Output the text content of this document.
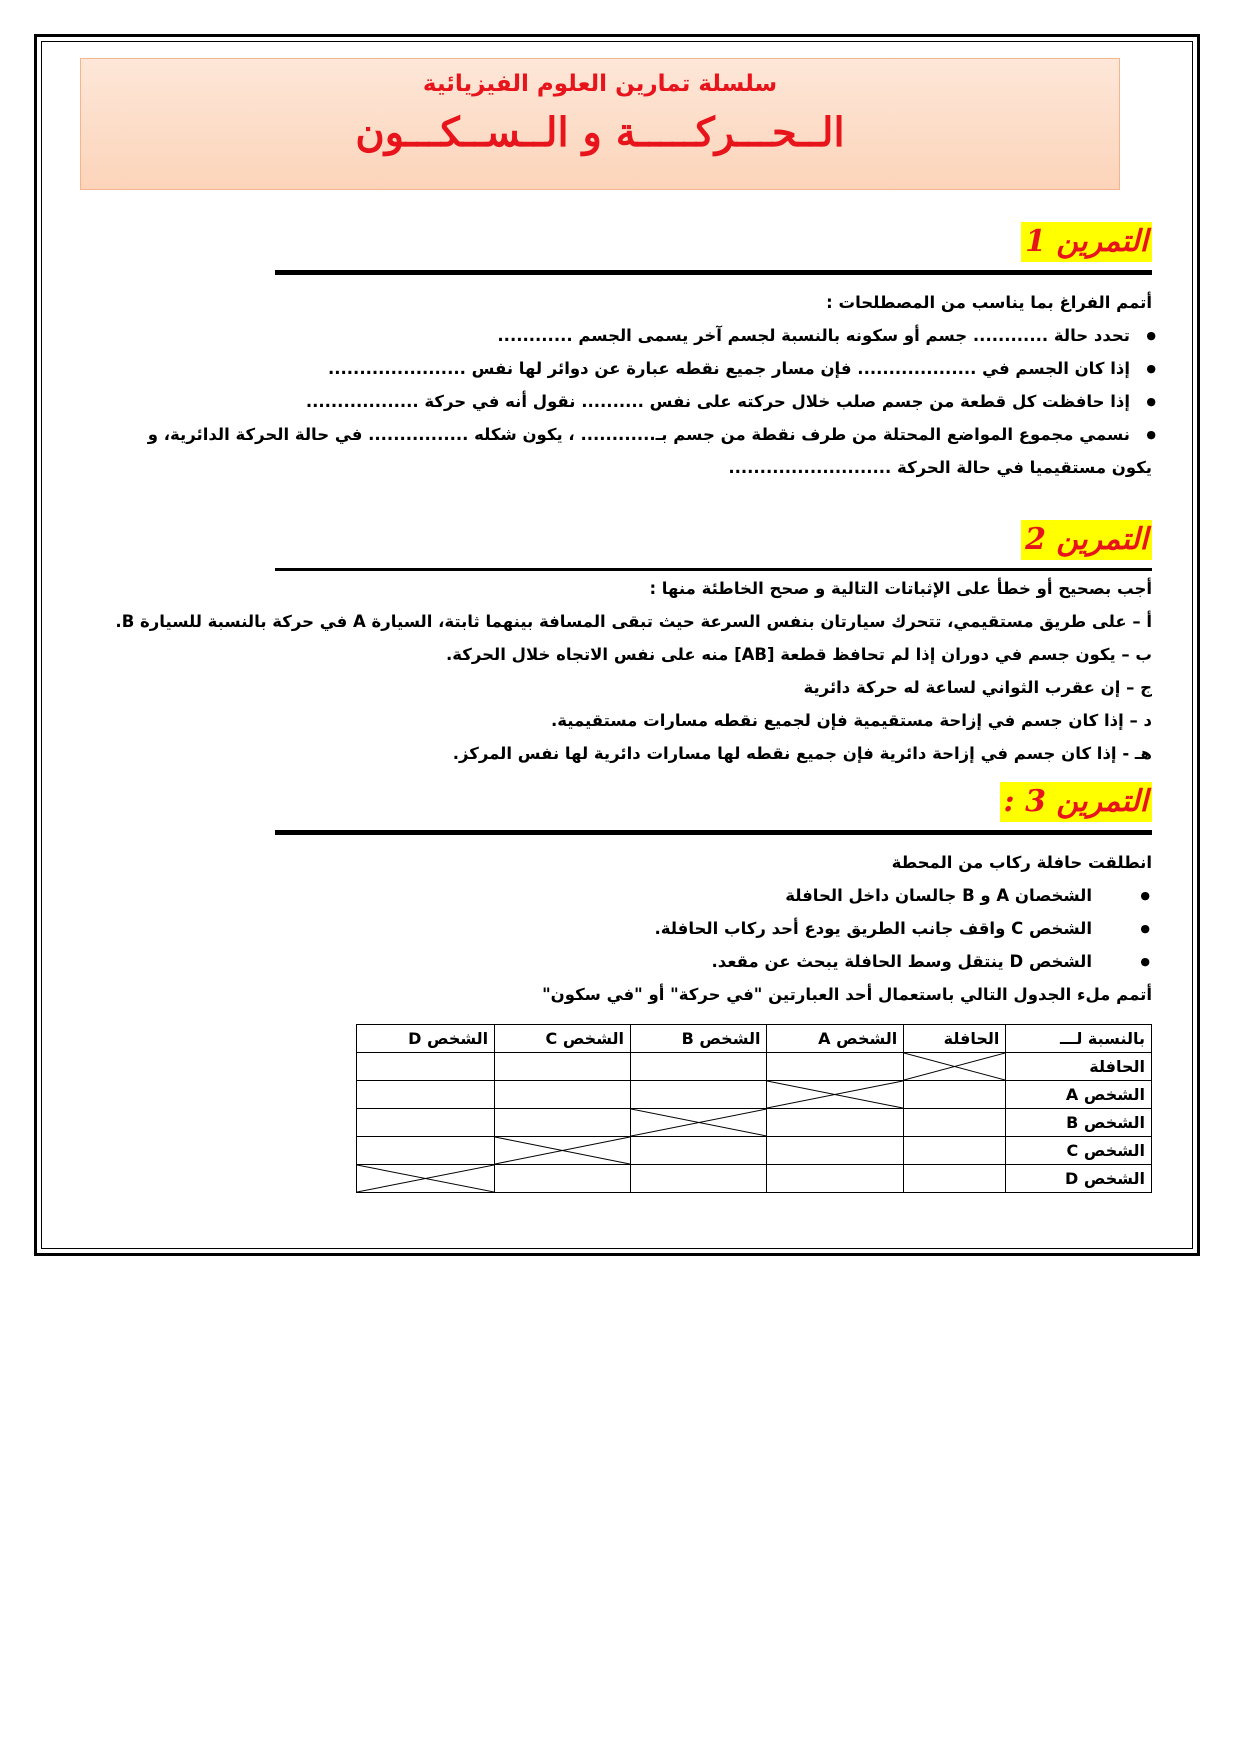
سلسلة تمارين العلوم الفيزيائية
الــحـــركـــــة و الــســكـــون
التمرين 1
أتمم الفراغ بما يناسب من المصطلحات :
● تحدد حالة ............ جسم أو سكونه بالنسبة لجسم آخر يسمى الجسم ............
● إذا كان الجسم في ................... فإن مسار جميع نقطه عبارة عن دوائر لها نفس ......................
● إذا حافظت كل قطعة من جسم صلب خلال حركته على نفس .......... نقول أنه في حركة ..................
● نسمي مجموع المواضع المحتلة من طرف نقطة من جسم بـ............ ، يكون شكله ................ في حالة الحركة الدائرية، و
يكون مستقيميا في حالة الحركة ..........................
التمرين 2
أجب بصحيح أو خطأ على الإثباتات التالية و صحح الخاطئة منها :
أ – على طريق مستقيمي، تتحرك سيارتان بنفس السرعة حيث تبقى المسافة بينهما ثابتة، السيارة A في حركة بالنسبة للسيارة B.
ب – يكون جسم في دوران إذا لم تحافظ قطعة [AB] منه على نفس الاتجاه خلال الحركة.
ج – إن عقرب الثواني لساعة له حركة دائرية
د – إذا كان جسم في إزاحة مستقيمية فإن لجميع نقطه مسارات مستقيمية.
هـ - إذا كان جسم في إزاحة دائرية فإن جميع نقطه لها مسارات دائرية لها نفس المركز.
التمرين 3 :
انطلقت حافلة ركاب من المحطة
● الشخصان A و B جالسان داخل الحافلة
● الشخص C واقف جانب الطريق يودع أحد ركاب الحافلة.
● الشخص D ينتقل وسط الحافلة يبحث عن مقعد.
أتمم ملء الجدول التالي باستعمال أحد العبارتين "في حركة" أو "في سكون"
بالنسبة لـــ	الحافلة	الشخص A	الشخص B	الشخص C	الشخص D
الحافلة	

الشخص A		

الشخص B			

الشخص C				

الشخص D					
